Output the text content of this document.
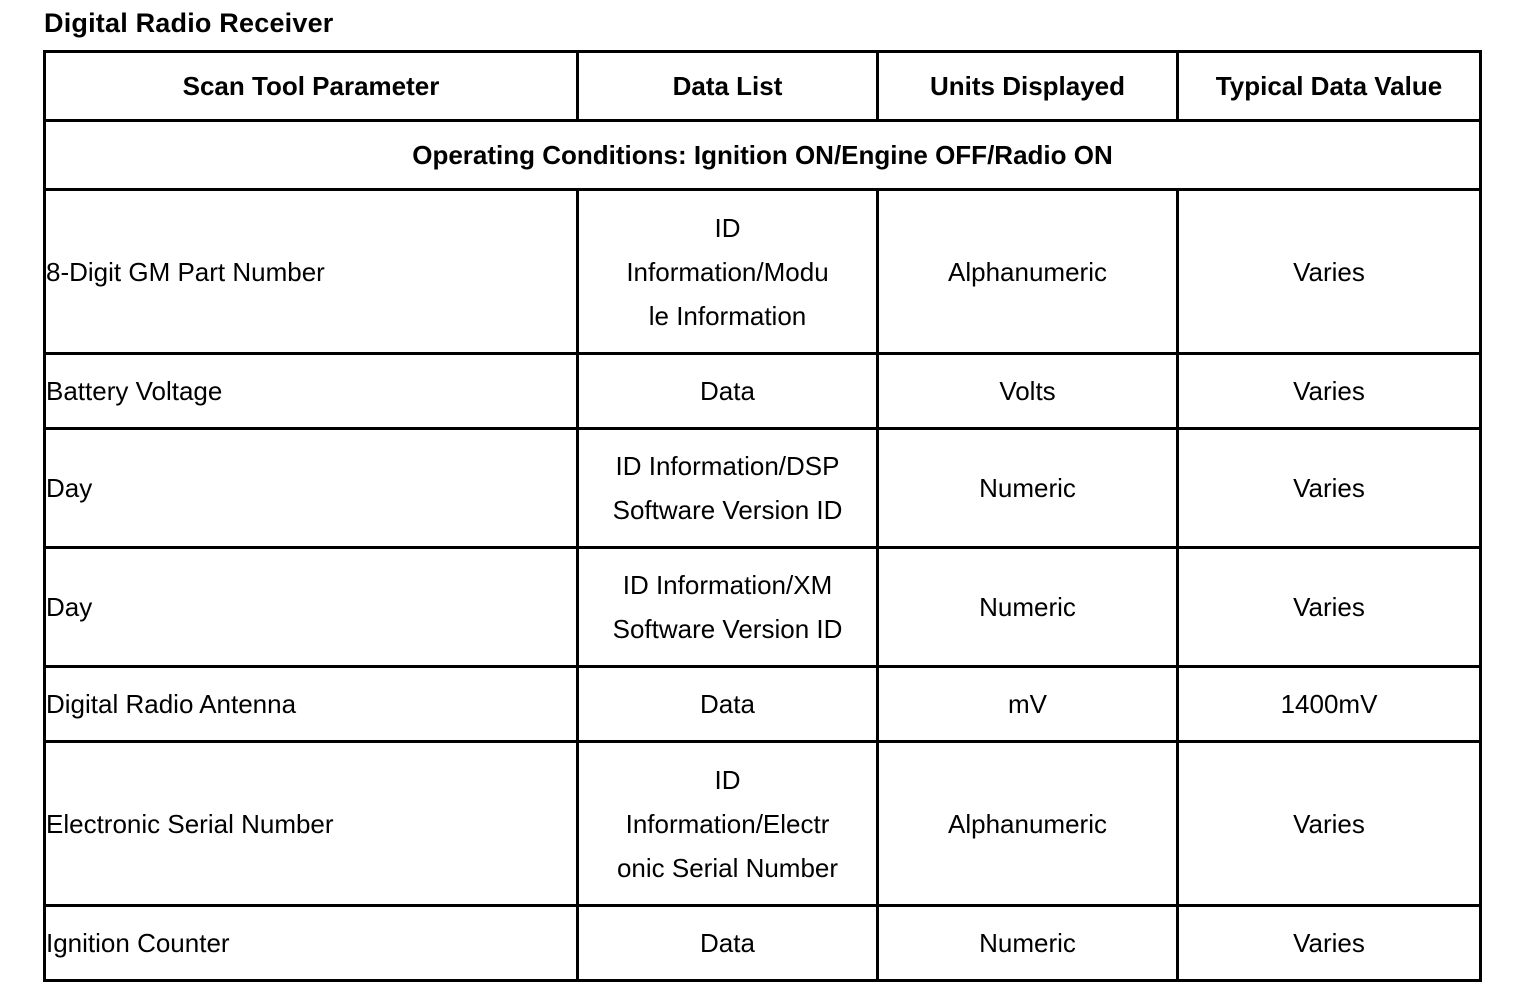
Digital Radio Receiver
Scan Tool Parameter	Data List	Units Displayed	Typical Data Value
Operating Conditions: Ignition ON/Engine OFF/Radio ON			
8-Digit GM Part Number	ID
Information/Modu
le Information	Alphanumeric	Varies
Battery Voltage	Data	Volts	Varies
Day	ID Information/DSP
Software Version ID	Numeric	Varies
Day	ID Information/XM
Software Version ID	Numeric	Varies
Digital Radio Antenna	Data	mV	1400mV
Electronic Serial Number	ID
Information/Electr
onic Serial Number	Alphanumeric	Varies
Ignition Counter	Data	Numeric	Varies
